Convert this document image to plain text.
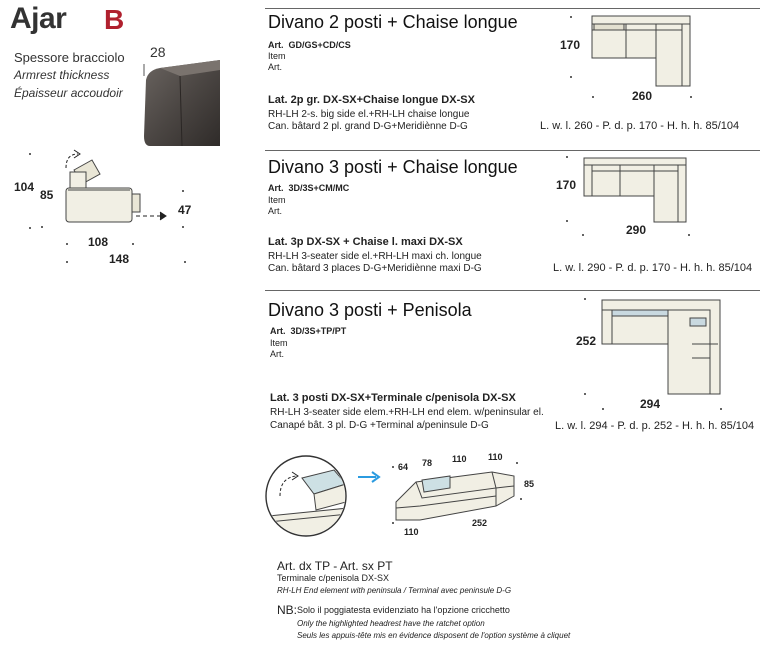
Ajar B
Spessore bracciolo
Armrest thickness
Épaisseur accoudoir
28
104
85
47
108
148
Divano 2 posti + Chaise longue
Art. GD/GS+CD/CS
Item
Art.
Lat. 2p gr. DX-SX+Chaise longue DX-SX
RH-LH 2-s. big side el.+RH-LH chaise longue
Can. bâtard 2 pl. grand D-G+Meridiènne D-G
170
260
L. w. l. 260 - P. d. p. 170 - H. h. h. 85/104
Divano 3 posti + Chaise longue
Art. 3D/3S+CM/MC
Item
Art.
Lat. 3p DX-SX + Chaise l. maxi DX-SX
RH-LH 3-seater side el.+RH-LH maxi ch. longue
Can. bâtard 3 places D-G+Meridiènne maxi D-G
170
290
L. w. l. 290 - P. d. p. 170 - H. h. h. 85/104
Divano 3 posti + Penisola
Art. 3D/3S+TP/PT
Item
Art.
Lat. 3 posti DX-SX+Terminale c/penisola DX-SX
RH-LH 3-seater side elem.+RH-LH end elem. w/peninsular el.
Canapé bât. 3 pl. D-G +Terminal a/peninsule D-G
252
294
L. w. l. 294 - P. d. p. 252 - H. h. h. 85/104
64 78 110 110
85
252
110
Art. dx TP - Art. sx PT
Terminale c/penisola DX-SX
RH-LH End element with peninsula / Terminal avec peninsule D-G
NB: Solo il poggiatesta evidenziato ha l'opzione cricchetto
Only the highlighted headrest have the ratchet option
Seuls les appuis-tête mis en évidence disposent de l'option système à cliquet
